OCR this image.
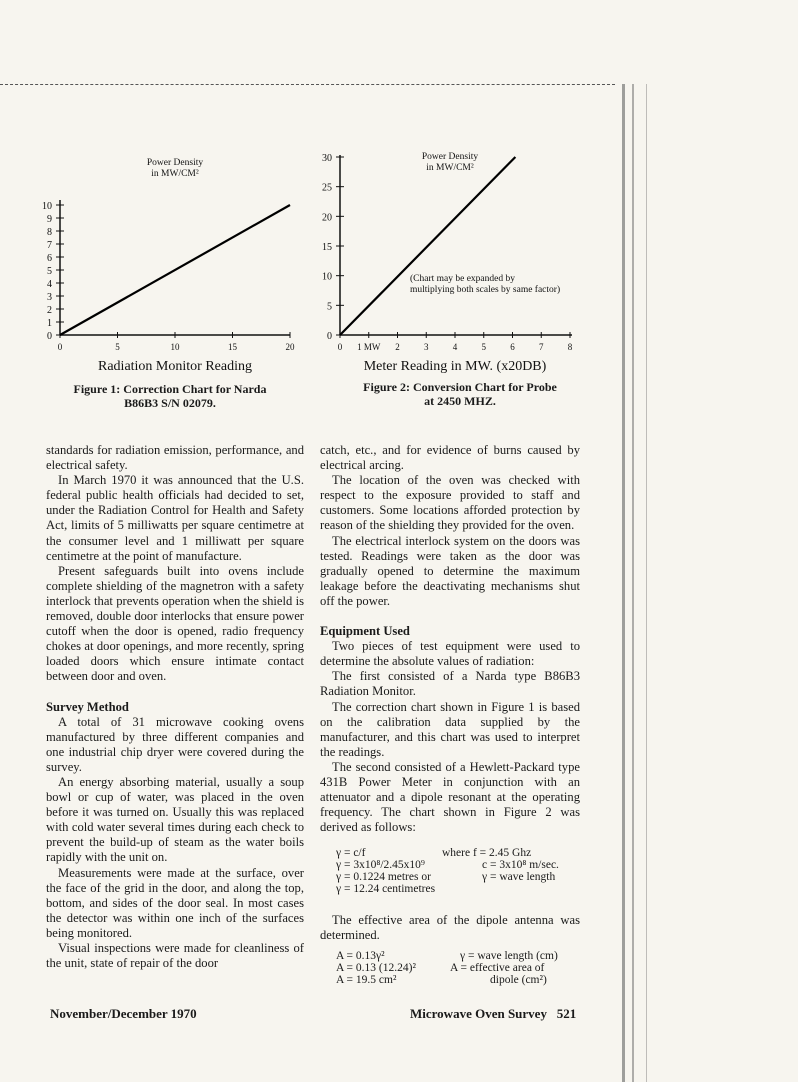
0
1
2
3
4
5
6
7
8
9
10
0	5	10	15	20
Power Density
in MW/CM²
Radiation Monitor Reading
Figure 1: Correction Chart for Narda
B86B3 S/N 02079.
0
5
10
15
20
25
30
0 1 MW 2	3	4	5	6	7	8
Power Density
in MW/CM²
(Chart may be expanded by
multiplying both scales by same factor)
Meter Reading in MW. (x20DB)
Figure 2: Conversion Chart for Probe
at 2450 MHZ.

standards for radiation emission, performance, and electrical safety.

In March 1970 it was announced that the U.S. federal public health officials had decided to set, under the Radiation Control for Health and Safety Act, limits of 5 milliwatts per square centimetre at the consumer level and 1 milliwatt per square centimetre at the point of manufacture.

Present safeguards built into ovens include complete shielding of the magnetron with a safety interlock that prevents operation when the shield is removed, double door interlocks that ensure power cutoff when the door is opened, radio frequency chokes at door openings, and more recently, spring loaded doors which ensure intimate contact between door and oven.

Survey Method

A total of 31 microwave cooking ovens manufactured by three different companies and one industrial chip dryer were covered during the survey.

An energy absorbing material, usually a soup bowl or cup of water, was placed in the oven before it was turned on. Usually this was replaced with cold water several times during each check to prevent the build-up of steam as the water boils rapidly with the unit on.

Measurements were made at the surface, over the face of the grid in the door, and along the top, bottom, and sides of the door seal. In most cases the detector was within one inch of the surfaces being monitored.

Visual inspections were made for cleanliness of the unit, state of repair of the door

catch, etc., and for evidence of burns caused by electrical arcing.

The location of the oven was checked with respect to the exposure provided to staff and customers. Some locations afforded protection by reason of the shielding they provided for the oven.

The electrical interlock system on the doors was tested. Readings were taken as the door was gradually opened to determine the maximum leakage before the deactivating mechanisms shut off the power.

Equipment Used

Two pieces of test equipment were used to determine the absolute values of radiation:

The first consisted of a Narda type B86B3 Radiation Monitor.

The correction chart shown in Figure 1 is based on the calibration data supplied by the manufacturer, and this chart was used to interpret the readings.

The second consisted of a Hewlett-Packard type 431B Power Meter in conjunction with an attenuator and a dipole resonant at the operating frequency. The chart shown in Figure 2 was derived as follows:

γ = c/f	where f = 2.45 Ghz
γ = 3x10⁸/2.45x10⁹	c = 3x10⁸ m/sec.
γ = 0.1224 metres or	γ = wave length
γ = 12.24 centimetres

The effective area of the dipole antenna was determined.

A = 0.13γ²	γ = wave length (cm)
A = 0.13 (12.24)²	A = effective area of
A = 19.5 cm²	dipole (cm²)
November/December 1970	Microwave Oven Survey   521
